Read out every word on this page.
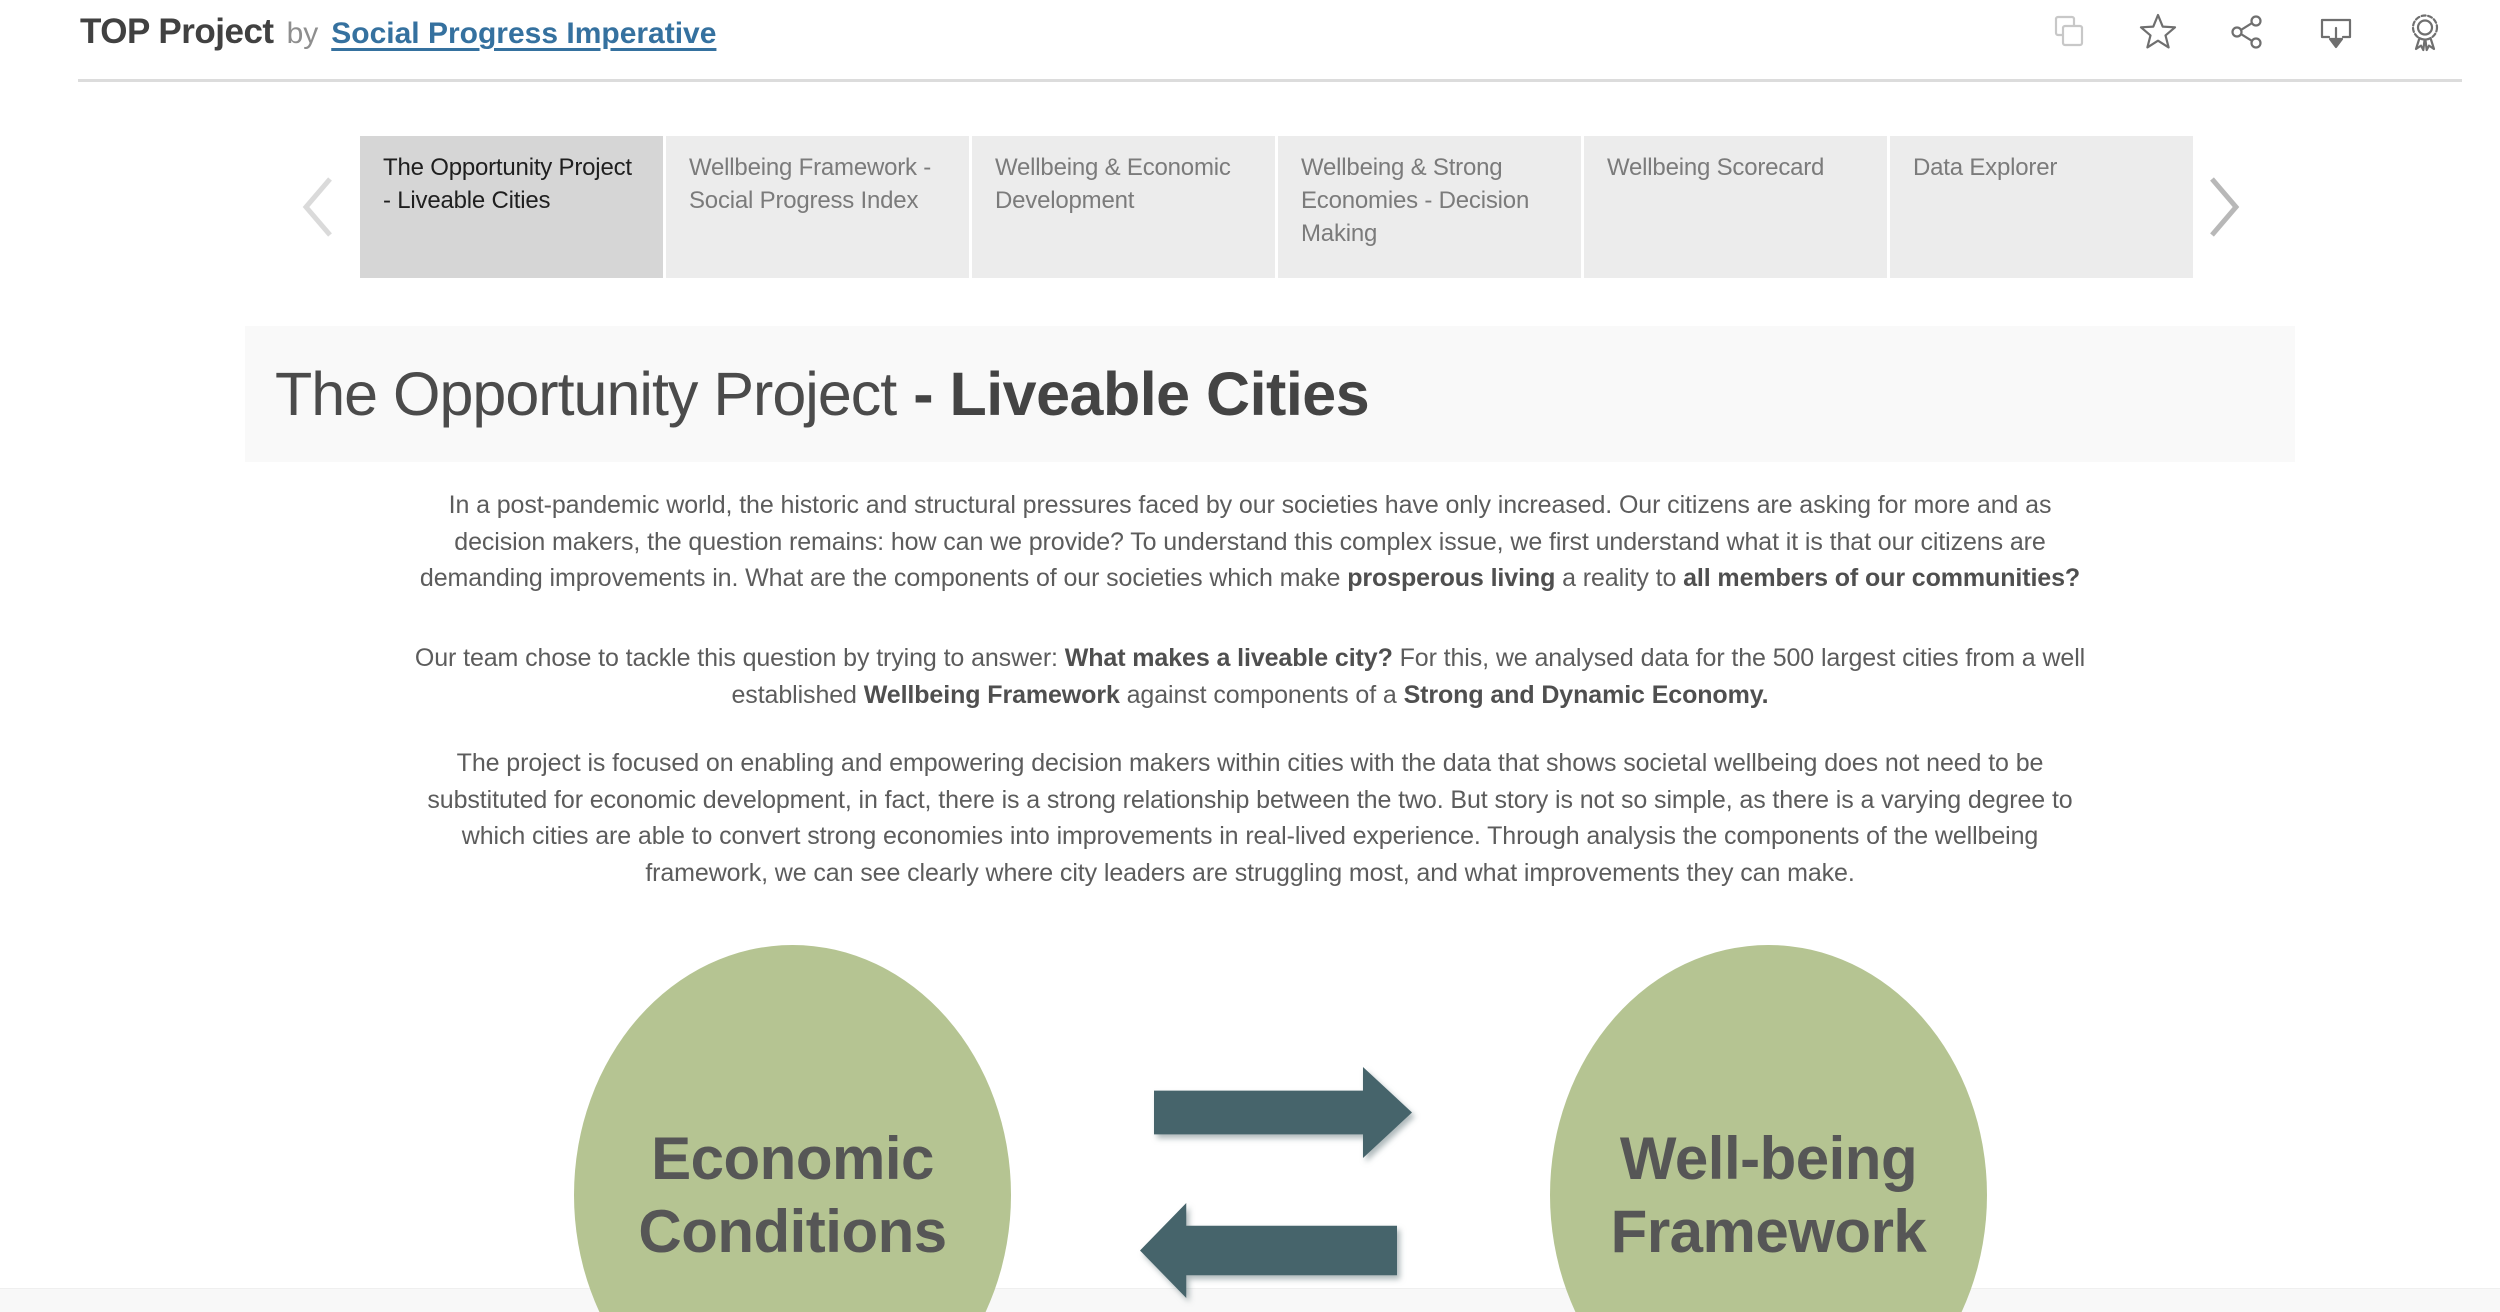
TOP Project by Social Progress Imperative
The Opportunity Project - Liveable Cities
Wellbeing Framework - Social Progress Index
Wellbeing & Economic Development
Wellbeing & Strong Economies - Decision Making
Wellbeing Scorecard	Data Explorer
The Opportunity Project - Liveable Cities

In a post-pandemic world, the historic and structural pressures faced by our societies have only increased. Our citizens are asking for more and as decision makers, the question remains: how can we provide? To understand this complex issue, we first understand what it is that our citizens are demanding improvements in. What are the components of our societies which make prosperous living a reality to all members of our communities?

Our team chose to tackle this question by trying to answer: What makes a liveable city? For this, we analysed data for the 500 largest cities from a well established Wellbeing Framework against components of a Strong and Dynamic Economy.

The project is focused on enabling and empowering decision makers within cities with the data that shows societal wellbeing does not need to be substituted for economic development, in fact, there is a strong relationship between the two. But story is not so simple, as there is a varying degree to which cities are able to convert strong economies into improvements in real-lived experience. Through analysis the components of the wellbeing framework, we can see clearly where city leaders are struggling most, and what improvements they can make.

Economic
Conditions
Well-being
Framework
